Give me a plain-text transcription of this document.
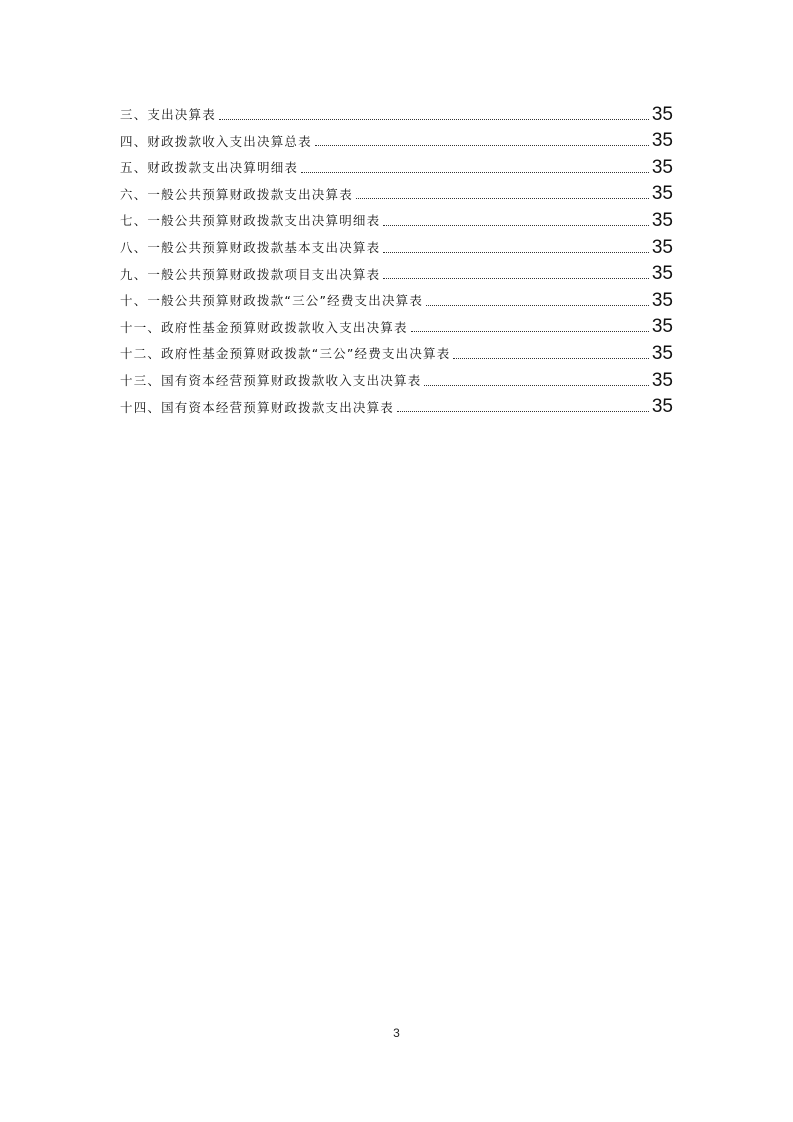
三、支出决算表	35
四、财政拨款收入支出决算总表	35
五、财政拨款支出决算明细表	35
六、一般公共预算财政拨款支出决算表	35
七、一般公共预算财政拨款支出决算明细表	35
八、一般公共预算财政拨款基本支出决算表	35
九、一般公共预算财政拨款项目支出决算表	35
十、一般公共预算财政拨款“三公”经费支出决算表	35
十一、政府性基金预算财政拨款收入支出决算表	35
十二、政府性基金预算财政拨款“三公”经费支出决算表	35
十三、国有资本经营预算财政拨款收入支出决算表	35
十四、国有资本经营预算财政拨款支出决算表	35
3
